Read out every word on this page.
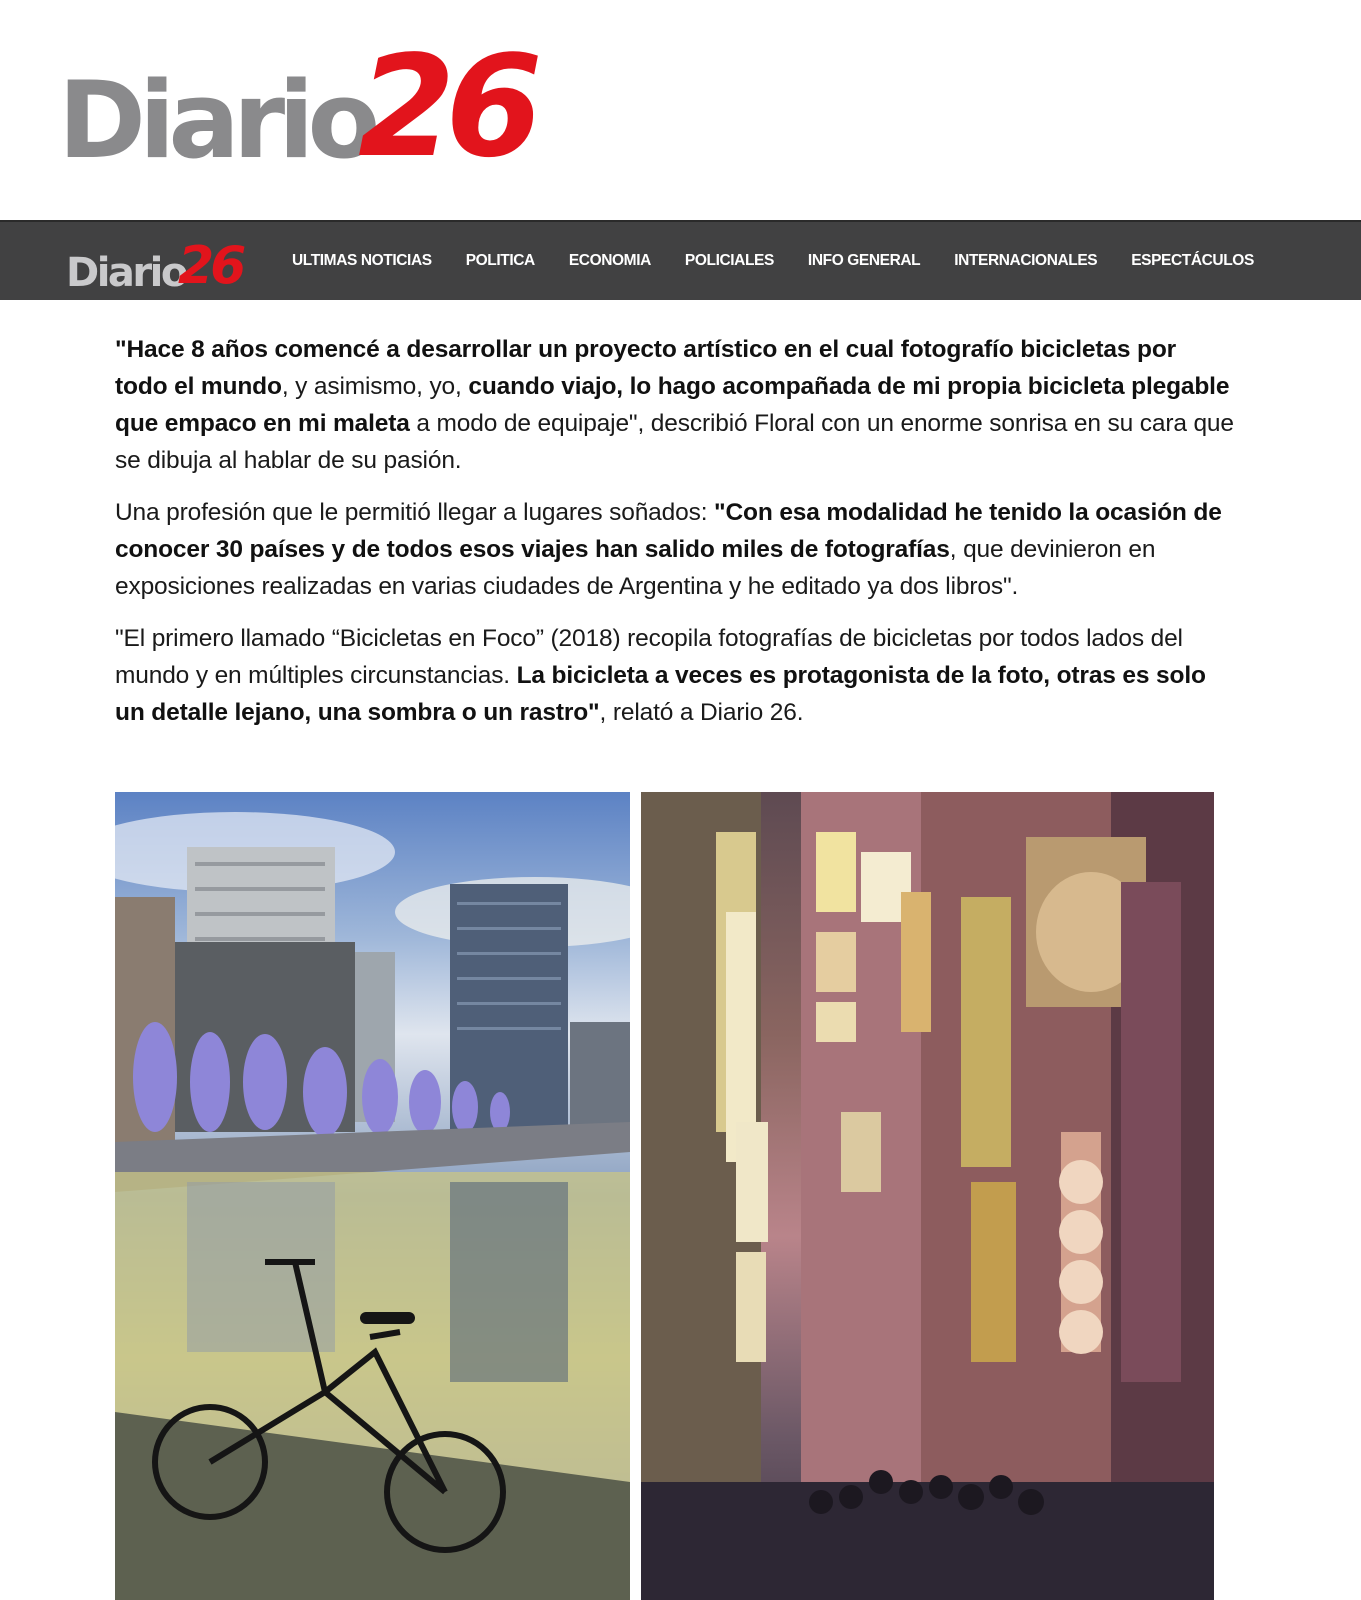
Diario
26
Diario
26	ULTIMAS NOTICIAS POLITICA ECONOMIA POLICIALES INFO GENERAL INTERNACIONALES ESPECTÁCULOS

"Hace 8 años comencé a desarrollar un proyecto artístico en el cual fotografío bicicletas por todo el mundo, y asimismo, yo, cuando viajo, lo hago acompañada de mi propia bicicleta plegable que empaco en mi maleta a modo de equipaje", describió Floral con un enorme sonrisa en su cara que se dibuja al hablar de su pasión.

Una profesión que le permitió llegar a lugares soñados: "Con esa modalidad he tenido la ocasión de conocer 30 países y de todos esos viajes han salido miles de fotografías, que devinieron en exposiciones realizadas en varias ciudades de Argentina y he editado ya dos libros".

"El primero llamado “Bicicletas en Foco” (2018) recopila fotografías de bicicletas por todos lados del mundo y en múltiples circunstancias. La bicicleta a veces es protagonista de la foto, otras es solo un detalle lejano, una sombra o un rastro", relató a Diario 26.
